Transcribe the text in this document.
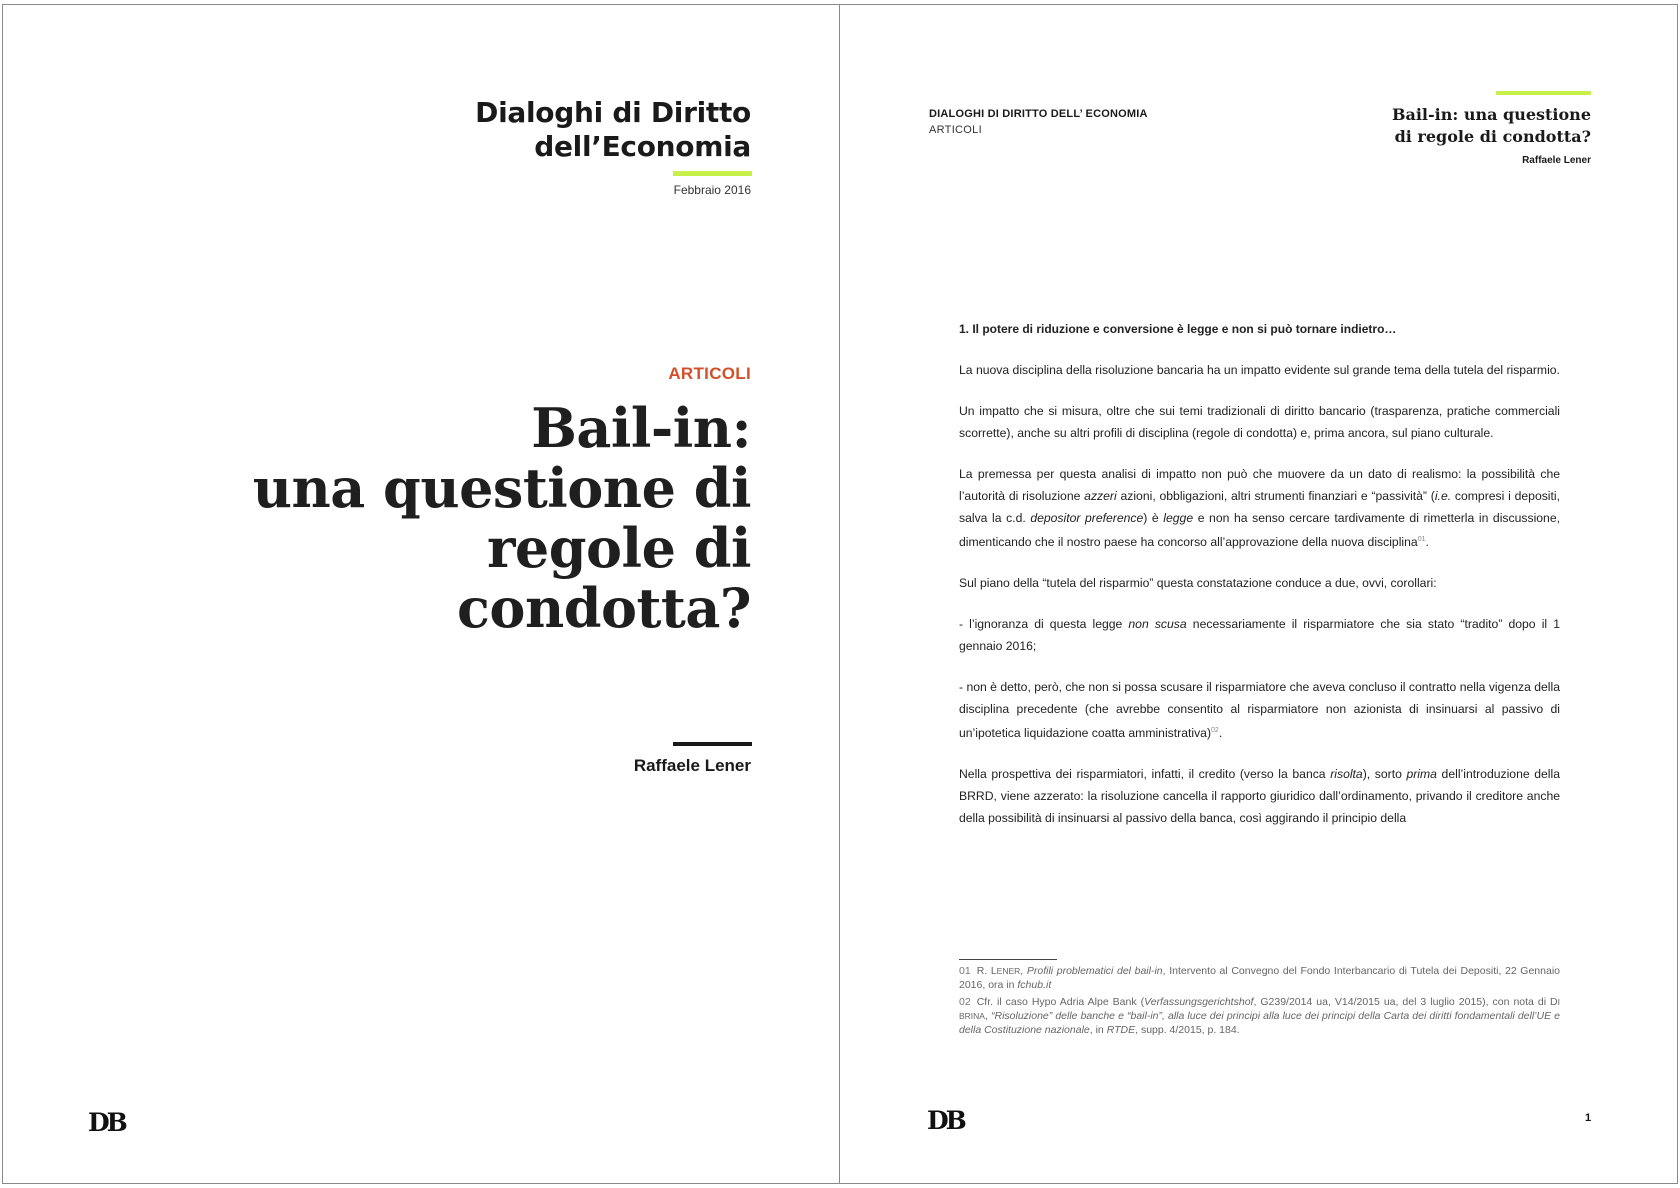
Dialoghi di Diritto
dell’Economia
Febbraio 2016
ARTICOLI
Bail-in:
una questione di
regole di condotta?
Raffaele Lener
DB
DIALOGHI DI DIRITTO DELL’ ECONOMIA
ARTICOLI
Bail-in: una questione
di regole di condotta?
Raffaele Lener

1. Il potere di riduzione e conversione è legge e non si può tornare indietro…

La nuova disciplina della risoluzione bancaria ha un impatto evidente sul grande tema della tutela del risparmio.

Un impatto che si misura, oltre che sui temi tradizionali di diritto bancario (trasparenza, pratiche commerciali scorrette), anche su altri profili di disciplina (regole di condotta) e, prima ancora, sul piano culturale.

La premessa per questa analisi di impatto non può che muovere da un dato di realismo: la possibilità che l’autorità di risoluzione azzeri azioni, obbligazioni, altri strumenti finanziari e “passività” (i.e. compresi i depositi, salva la c.d. depositor preference) è legge e non ha senso cercare tardivamente di rimetterla in discussione, dimenticando che il nostro paese ha concorso all’approvazione della nuova disciplina$^{01}$.

Sul piano della “tutela del risparmio” questa constatazione conduce a due, ovvi, corollari:

- l’ignoranza di questa legge non scusa necessariamente il risparmiatore che sia stato “tradito” dopo il 1 gennaio 2016;

- non è detto, però, che non si possa scusare il risparmiatore che aveva concluso il contratto nella vigenza della disciplina precedente (che avrebbe consentito al risparmiatore non azionista di insinuarsi al passivo di un’ipotetica liquidazione coatta amministrativa)$^{02}$.

Nella prospettiva dei risparmiatori, infatti, il credito (verso la banca risolta), sorto prima dell’introduzione della BRRD, viene azzerato: la risoluzione cancella il rapporto giuridico dall’ordinamento, privando il creditore anche della possibilità di insinuarsi al passivo della banca, così aggirando il principio della

01 R. LENER, Profili problematici del bail-in, Intervento al Convegno del Fondo Interbancario di Tutela dei Depositi, 22 Gennaio 2016, ora in fchub.it

02 Cfr. il caso Hypo Adria Alpe Bank (Verfassungsgerichtshof, G239/2014 ua, V14/2015 ua, del 3 luglio 2015), con nota di DI BRINA, “Risoluzione” delle banche e “bail-in”, alla luce dei principi alla luce dei principi della Carta dei diritti fondamentali dell’UE e della Costituzione nazionale, in RTDE, supp. 4/2015, p. 184.

DB	1
